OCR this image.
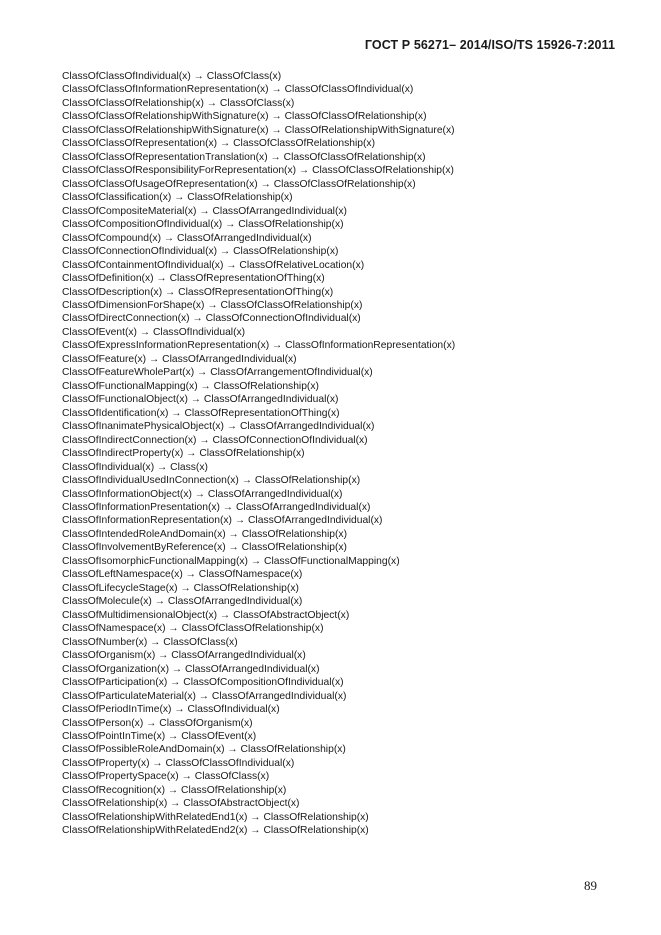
ГОСТ Р 56271– 2014/ISO/TS 15926-7:2011
ClassOfClassOfIndividual(x) → ClassOfClass(x)
ClassOfClassOfInformationRepresentation(x) → ClassOfClassOfIndividual(x)
ClassOfClassOfRelationship(x) → ClassOfClass(x)
ClassOfClassOfRelationshipWithSignature(x) → ClassOfClassOfRelationship(x)
ClassOfClassOfRelationshipWithSignature(x) → ClassOfRelationshipWithSignature(x)
ClassOfClassOfRepresentation(x) → ClassOfClassOfRelationship(x)
ClassOfClassOfRepresentationTranslation(x) → ClassOfClassOfRelationship(x)
ClassOfClassOfResponsibilityForRepresentation(x) → ClassOfClassOfRelationship(x)
ClassOfClassOfUsageOfRepresentation(x) → ClassOfClassOfRelationship(x)
ClassOfClassification(x) → ClassOfRelationship(x)
ClassOfCompositeMaterial(x) → ClassOfArrangedIndividual(x)
ClassOfCompositionOfIndividual(x) → ClassOfRelationship(x)
ClassOfCompound(x) → ClassOfArrangedIndividual(x)
ClassOfConnectionOfIndividual(x) → ClassOfRelationship(x)
ClassOfContainmentOfIndividual(x) → ClassOfRelativeLocation(x)
ClassOfDefinition(x) → ClassOfRepresentationOfThing(x)
ClassOfDescription(x) → ClassOfRepresentationOfThing(x)
ClassOfDimensionForShape(x) → ClassOfClassOfRelationship(x)
ClassOfDirectConnection(x) → ClassOfConnectionOfIndividual(x)
ClassOfEvent(x) → ClassOfIndividual(x)
ClassOfExpressInformationRepresentation(x) → ClassOfInformationRepresentation(x)
ClassOfFeature(x) → ClassOfArrangedIndividual(x)
ClassOfFeatureWholePart(x) → ClassOfArrangementOfIndividual(x)
ClassOfFunctionalMapping(x) → ClassOfRelationship(x)
ClassOfFunctionalObject(x) → ClassOfArrangedIndividual(x)
ClassOfIdentification(x) → ClassOfRepresentationOfThing(x)
ClassOfInanimatePhysicalObject(x) → ClassOfArrangedIndividual(x)
ClassOfIndirectConnection(x) → ClassOfConnectionOfIndividual(x)
ClassOfIndirectProperty(x) → ClassOfRelationship(x)
ClassOfIndividual(x) → Class(x)
ClassOfIndividualUsedInConnection(x) → ClassOfRelationship(x)
ClassOfInformationObject(x) → ClassOfArrangedIndividual(x)
ClassOfInformationPresentation(x) → ClassOfArrangedIndividual(x)
ClassOfInformationRepresentation(x) → ClassOfArrangedIndividual(x)
ClassOfIntendedRoleAndDomain(x) → ClassOfRelationship(x)
ClassOfInvolvementByReference(x) → ClassOfRelationship(x)
ClassOfIsomorphicFunctionalMapping(x) → ClassOfFunctionalMapping(x)
ClassOfLeftNamespace(x) → ClassOfNamespace(x)
ClassOfLifecycleStage(x) → ClassOfRelationship(x)
ClassOfMolecule(x) → ClassOfArrangedIndividual(x)
ClassOfMultidimensionalObject(x) → ClassOfAbstractObject(x)
ClassOfNamespace(x) → ClassOfClassOfRelationship(x)
ClassOfNumber(x) → ClassOfClass(x)
ClassOfOrganism(x) → ClassOfArrangedIndividual(x)
ClassOfOrganization(x) → ClassOfArrangedIndividual(x)
ClassOfParticipation(x) → ClassOfCompositionOfIndividual(x)
ClassOfParticulateMaterial(x) → ClassOfArrangedIndividual(x)
ClassOfPeriodInTime(x) → ClassOfIndividual(x)
ClassOfPerson(x) → ClassOfOrganism(x)
ClassOfPointInTime(x) → ClassOfEvent(x)
ClassOfPossibleRoleAndDomain(x) → ClassOfRelationship(x)
ClassOfProperty(x) → ClassOfClassOfIndividual(x)
ClassOfPropertySpace(x) → ClassOfClass(x)
ClassOfRecognition(x) → ClassOfRelationship(x)
ClassOfRelationship(x) → ClassOfAbstractObject(x)
ClassOfRelationshipWithRelatedEnd1(x) → ClassOfRelationship(x)
ClassOfRelationshipWithRelatedEnd2(x) → ClassOfRelationship(x)
89
